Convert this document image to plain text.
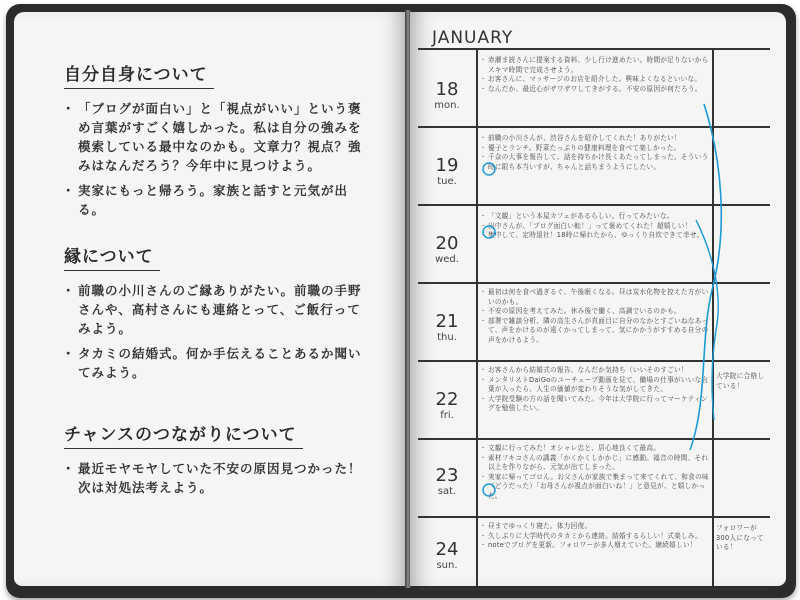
自分自身について
・ 「ブログが面白い」と「視点がいい」という褒め言葉がすごく嬉しかった。私は自分の強みを模索している最中なのかも。文章力？視点？強みはなんだろう？今年中に見つけよう。
・ 実家にもっと帰ろう。家族と話すと元気が出る。
縁について
・ 前職の小川さんのご縁ありがたい。前職の手野さんや、高村さんにも連絡とって、ご飯行ってみよう。
・ タカミの結婚式。何か手伝えることあるか聞いてみよう。
チャンスのつながりについて
・ 最近モヤモヤしていた不安の原因見つかった！次は対処法考えよう。
JANUARY
18
mon.
・ 赤瀬ま読さんに提案する資料、少し行け進めたい。時間が足りないからスキマ時間で完成させよう。
・ お客さんに、マッサージのお店を紹介した。興味よくなるといいな。
・ なんだか、最近心がザワザワしてきがする。不安の原因が何だろう。
19
tue.
・ 前職の小川さんが、渋谷さんを紹介してくれた！ありがたい！
・ 優子とランチ。野菜たっぷりの健康料理を食べて楽しかった。
・ 千奈の大事を報告して、話を持ちかけ長くあたってしまった。そういう時に限ち本当いすが、ちゃんと話ちまうようにしたい。
20
wed.
・ 「文観」という本屋カフェがあるらしい。行ってみたいな。
・ 田中さんが、「ブログ面白い転！」って褒めてくれた！超嬉しい！
・ 集中して、定時退社！18時に帰れたから、ゆっくり自炊できて幸せ。
21
thu.
・ 最初は何を食べ過ぎるぐ、午後眠くなる。昼は炭水化物を控えた方がいいのかも。
・ 不安の原因を考えてみた。休み後で働く、高調でいるのかも。
・ 部署で雑談分析、隣の高生さんが真面目に自分のなかとすごいねなあって、声をかけるのが遠くかってしまって、気にかかうがすすめる自分の声をかけるよう。
22
fri.
・ お客さんから結婚式の報告、なんだか気持ち（いいそのすごい！
・ メンタリストDaiGoのユーチューブ動画を見て、働場の仕事がいいな言葉が入ったら、人生の価値が変わりそうな気がしてきた。
・ 大学院受験の方の話を聞いてみた。今年は大学院に行ってマーケティングを勉強したい。
大学院に合格している！
23
sat.
・ 文観に行ってみた！オシャレ忠と、居心地良くて最高。
・ 素材フキコさんの講義「かくかくしかかじ」に感動。福音の時間、それ以上を作りながら、元気が出てしまった。
・ 実家に帰ってゴロん。お父さんが家族で集まって来てくれて、和食の味（どうだった）「お母さんが視点が面白いね！」と意見が、と嬉しかった。
24
sun.
・ 昼までゆっくり寝た。体力回復。
・ 久しぶりに大学時代のタカミから連絡。結婚するらしい！式楽しみ。
・ noteでブログを更新。フォロワーが多人増えていた。継続嬉しい！
フォロワーが300人になっている！
